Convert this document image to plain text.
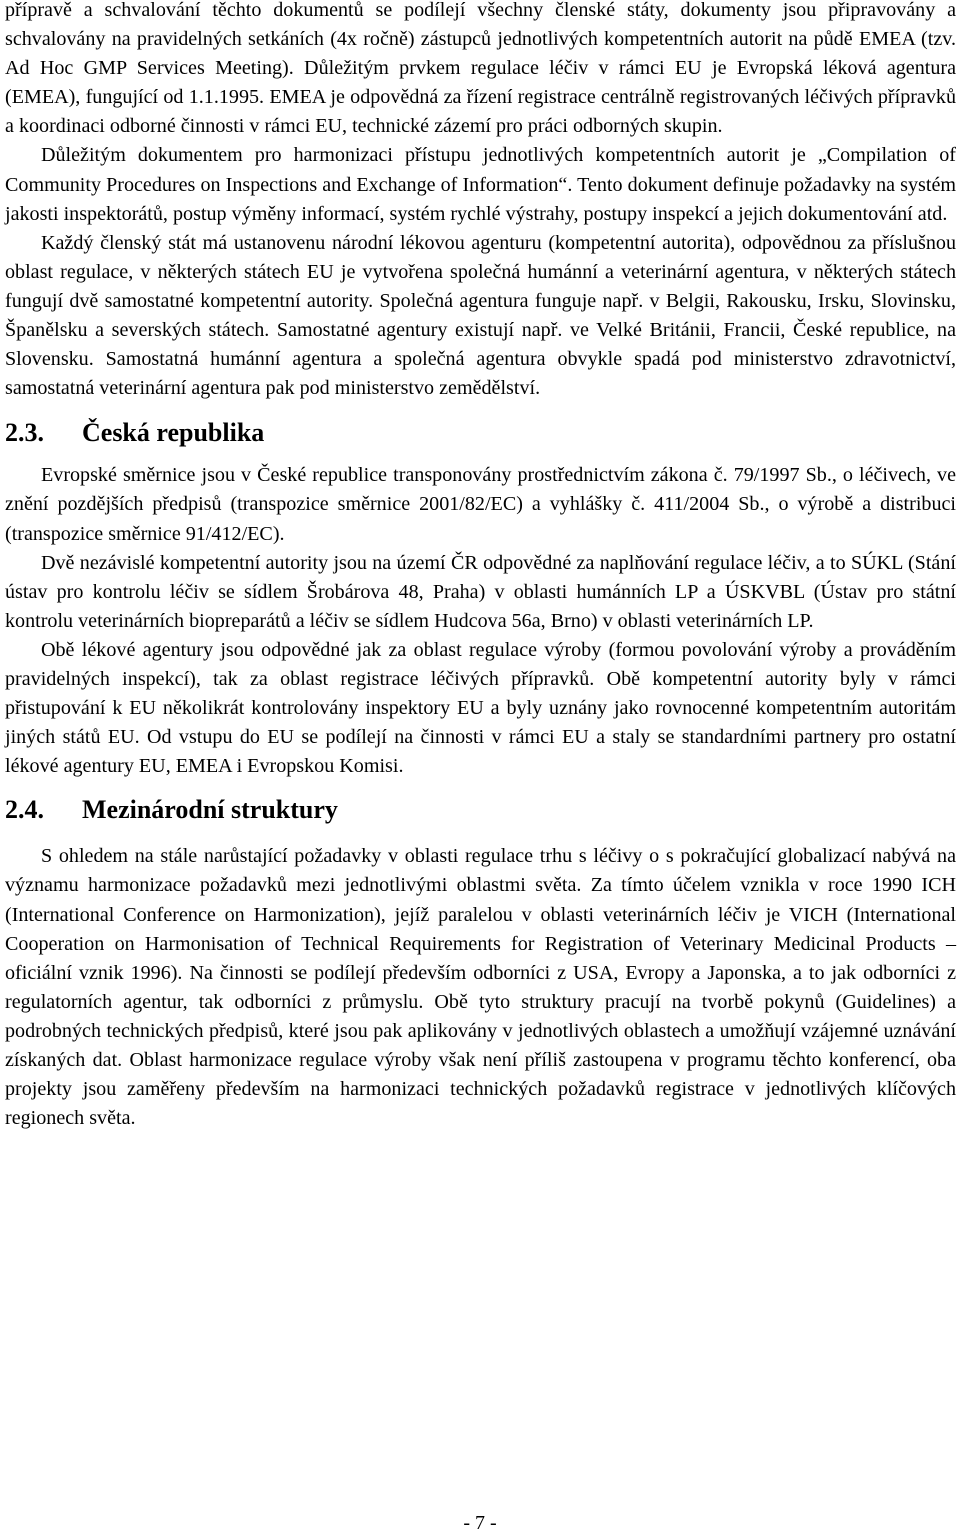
přípravě a schvalování těchto dokumentů se podílejí všechny členské státy, dokumenty jsou připravovány a schvalovány na pravidelných setkáních (4x ročně) zástupců jednotlivých kompetentních autorit na půdě EMEA (tzv. Ad Hoc GMP Services Meeting). Důležitým prvkem regulace léčiv v rámci EU je Evropská léková agentura (EMEA), fungující od 1.1.1995. EMEA je odpovědná za řízení registrace centrálně registrovaných léčivých přípravků a koordinaci odborné činnosti v rámci EU, technické zázemí pro práci odborných skupin.

Důležitým dokumentem pro harmonizaci přístupu jednotlivých kompetentních autorit je „Compilation of Community Procedures on Inspections and Exchange of Information“. Tento dokument definuje požadavky na systém jakosti inspektorátů, postup výměny informací, systém rychlé výstrahy, postupy inspekcí a jejich dokumentování atd.

Každý členský stát má ustanovenu národní lékovou agenturu (kompetentní autorita), odpovědnou za příslušnou oblast regulace, v některých státech EU je vytvořena společná humánní a veterinární agentura, v některých státech fungují dvě samostatné kompetentní autority. Společná agentura funguje např. v Belgii, Rakousku, Irsku, Slovinsku, Španělsku a severských státech. Samostatné agentury existují např. ve Velké Británii, Francii, České republice, na Slovensku. Samostatná humánní agentura a společná agentura obvykle spadá pod ministerstvo zdravotnictví, samostatná veterinární agentura pak pod ministerstvo zemědělství.

2.3.	Česká republika

Evropské směrnice jsou v České republice transponovány prostřednictvím zákona č. 79/1997 Sb., o léčivech, ve znění pozdějších předpisů (transpozice směrnice 2001/82/EC) a vyhlášky č. 411/2004 Sb., o výrobě a distribuci (transpozice směrnice 91/412/EC).

Dvě nezávislé kompetentní autority jsou na území ČR odpovědné za naplňování regulace léčiv, a to SÚKL (Stání ústav pro kontrolu léčiv se sídlem Šrobárova 48, Praha) v oblasti humánních LP a ÚSKVBL (Ústav pro státní kontrolu veterinárních biopreparátů a léčiv se sídlem Hudcova 56a, Brno) v oblasti veterinárních LP.

Obě lékové agentury jsou odpovědné jak za oblast regulace výroby (formou povolování výroby a prováděním pravidelných inspekcí), tak za oblast registrace léčivých přípravků. Obě kompetentní autority byly v rámci přistupování k EU několikrát kontrolovány inspektory EU a byly uznány jako rovnocenné kompetentním autoritám jiných států EU. Od vstupu do EU se podílejí na činnosti v rámci EU a staly se standardními partnery pro ostatní lékové agentury EU, EMEA i Evropskou Komisi.

2.4.	Mezinárodní struktury

S ohledem na stále narůstající požadavky v oblasti regulace trhu s léčivy o s pokračující globalizací nabývá na významu harmonizace požadavků mezi jednotlivými oblastmi světa. Za tímto účelem vznikla v roce 1990 ICH (International Conference on Harmonization), jejíž paralelou v oblasti veterinárních léčiv je VICH (International Cooperation on Harmonisation of Technical Requirements for Registration of Veterinary Medicinal Products – oficiální vznik 1996). Na činnosti se podílejí především odborníci z USA, Evropy a Japonska, a to jak odborníci z regulatorních agentur, tak odborníci z průmyslu. Obě tyto struktury pracují na tvorbě pokynů (Guidelines) a podrobných technických předpisů, které jsou pak aplikovány v jednotlivých oblastech a umožňují vzájemné uznávání získaných dat. Oblast harmonizace regulace výroby však není příliš zastoupena v programu těchto konferencí, oba projekty jsou zaměřeny především na harmonizaci technických požadavků registrace v jednotlivých klíčových regionech světa.

- 7 -
